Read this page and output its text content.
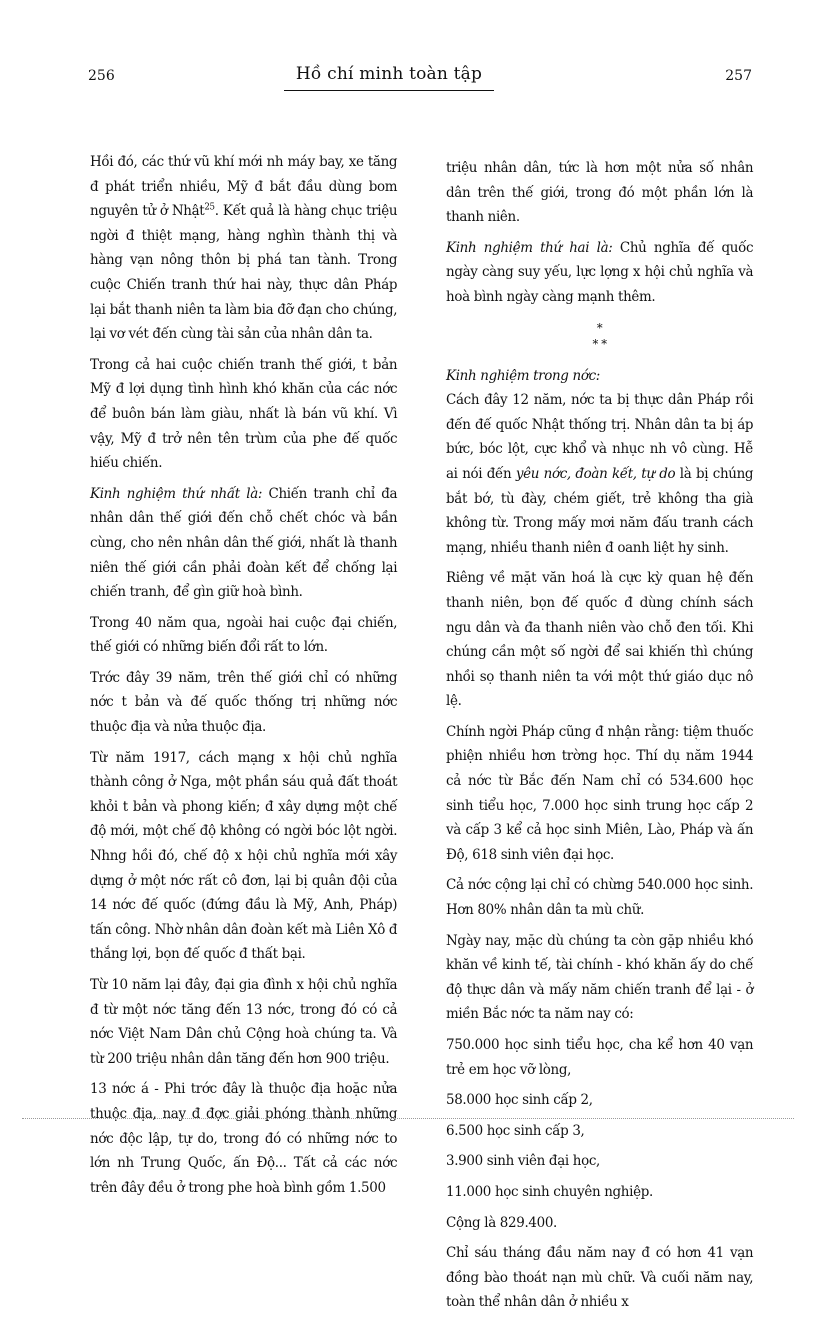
256	Hồ chí minh toàn tập	257

Hồi đó, các thứ vũ khí mới nh máy bay, xe tăng đ phát triển nhiều, Mỹ đ bắt đầu dùng bom nguyên tử ở Nhật$^{25}$. Kết quả là hàng chục triệu ngời đ thiệt mạng, hàng nghìn thành thị và hàng vạn nông thôn bị phá tan tành. Trong cuộc Chiến tranh thứ hai này, thực dân Pháp lại bắt thanh niên ta làm bia đỡ đạn cho chúng, lại vơ vét đến cùng tài sản của nhân dân ta.

Trong cả hai cuộc chiến tranh thế giới, t bản Mỹ đ lợi dụng tình hình khó khăn của các nớc để buôn bán làm giàu, nhất là bán vũ khí. Vì vậy, Mỹ đ trở nên tên trùm của phe đế quốc hiếu chiến.

Kinh nghiệm thứ nhất là: Chiến tranh chỉ đa nhân dân thế giới đến chỗ chết chóc và bần cùng, cho nên nhân dân thế giới, nhất là thanh niên thế giới cần phải đoàn kết để chống lại chiến tranh, để gìn giữ hoà bình.

Trong 40 năm qua, ngoài hai cuộc đại chiến, thế giới có những biến đổi rất to lớn.

Trớc đây 39 năm, trên thế giới chỉ có những nớc t bản và đế quốc thống trị những nớc thuộc địa và nửa thuộc địa.

Từ năm 1917, cách mạng x hội chủ nghĩa thành công ở Nga, một phần sáu quả đất thoát khỏi t bản và phong kiến; đ xây dựng một chế độ mới, một chế độ không có ngời bóc lột ngời. Nhng hồi đó, chế độ x hội chủ nghĩa mới xây dựng ở một nớc rất cô đơn, lại bị quân đội của 14 nớc đế quốc (đứng đầu là Mỹ, Anh, Pháp) tấn công. Nhờ nhân dân đoàn kết mà Liên Xô đ thắng lợi, bọn đế quốc đ thất bại.

Từ 10 năm lại đây, đại gia đình x hội chủ nghĩa đ từ một nớc tăng đến 13 nớc, trong đó có cả nớc Việt Nam Dân chủ Cộng hoà chúng ta. Và từ 200 triệu nhân dân tăng đến hơn 900 triệu.

13 nớc á - Phi trớc đây là thuộc địa hoặc nửa thuộc địa, nay đ đợc giải phóng thành những nớc độc lập, tự do, trong đó có những nớc to lớn nh Trung Quốc, ấn Độ... Tất cả các nớc trên đây đều ở trong phe hoà bình gồm 1.500

triệu nhân dân, tức là hơn một nửa số nhân dân trên thế giới, trong đó một phần lớn là thanh niên.

Kinh nghiệm thứ hai là: Chủ nghĩa đế quốc ngày càng suy yếu, lực lợng x hội chủ nghĩa và hoà bình ngày càng mạnh thêm.

*
* *

Kinh nghiệm trong nớc:

Cách đây 12 năm, nớc ta bị thực dân Pháp rồi đến đế quốc Nhật thống trị. Nhân dân ta bị áp bức, bóc lột, cực khổ và nhục nh vô cùng. Hễ ai nói đến yêu nớc, đoàn kết, tự do là bị chúng bắt bớ, tù đày, chém giết, trẻ không tha già không từ. Trong mấy mơi năm đấu tranh cách mạng, nhiều thanh niên đ oanh liệt hy sinh.

Riêng về mặt văn hoá là cực kỳ quan hệ đến thanh niên, bọn đế quốc đ dùng chính sách ngu dân và đa thanh niên vào chỗ đen tối. Khi chúng cần một số ngời để sai khiến thì chúng nhồi sọ thanh niên ta với một thứ giáo dục nô lệ.

Chính ngời Pháp cũng đ nhận rằng: tiệm thuốc phiện nhiều hơn trờng học. Thí dụ năm 1944 cả nớc từ Bắc đến Nam chỉ có 534.600 học sinh tiểu học, 7.000 học sinh trung học cấp 2 và cấp 3 kể cả học sinh Miên, Lào, Pháp và ấn Độ, 618 sinh viên đại học.

Cả nớc cộng lại chỉ có chừng 540.000 học sinh. Hơn 80% nhân dân ta mù chữ.

Ngày nay, mặc dù chúng ta còn gặp nhiều khó khăn về kinh tế, tài chính - khó khăn ấy do chế độ thực dân và mấy năm chiến tranh để lại - ở miền Bắc nớc ta năm nay có:

750.000 học sinh tiểu học, cha kể hơn 40 vạn trẻ em học vỡ lòng,

58.000 học sinh cấp 2,

6.500 học sinh cấp 3,

3.900 sinh viên đại học,

11.000 học sinh chuyên nghiệp.

Cộng là 829.400.

Chỉ sáu tháng đầu năm nay đ có hơn 41 vạn đồng bào thoát nạn mù chữ. Và cuối năm nay, toàn thể nhân dân ở nhiều x
